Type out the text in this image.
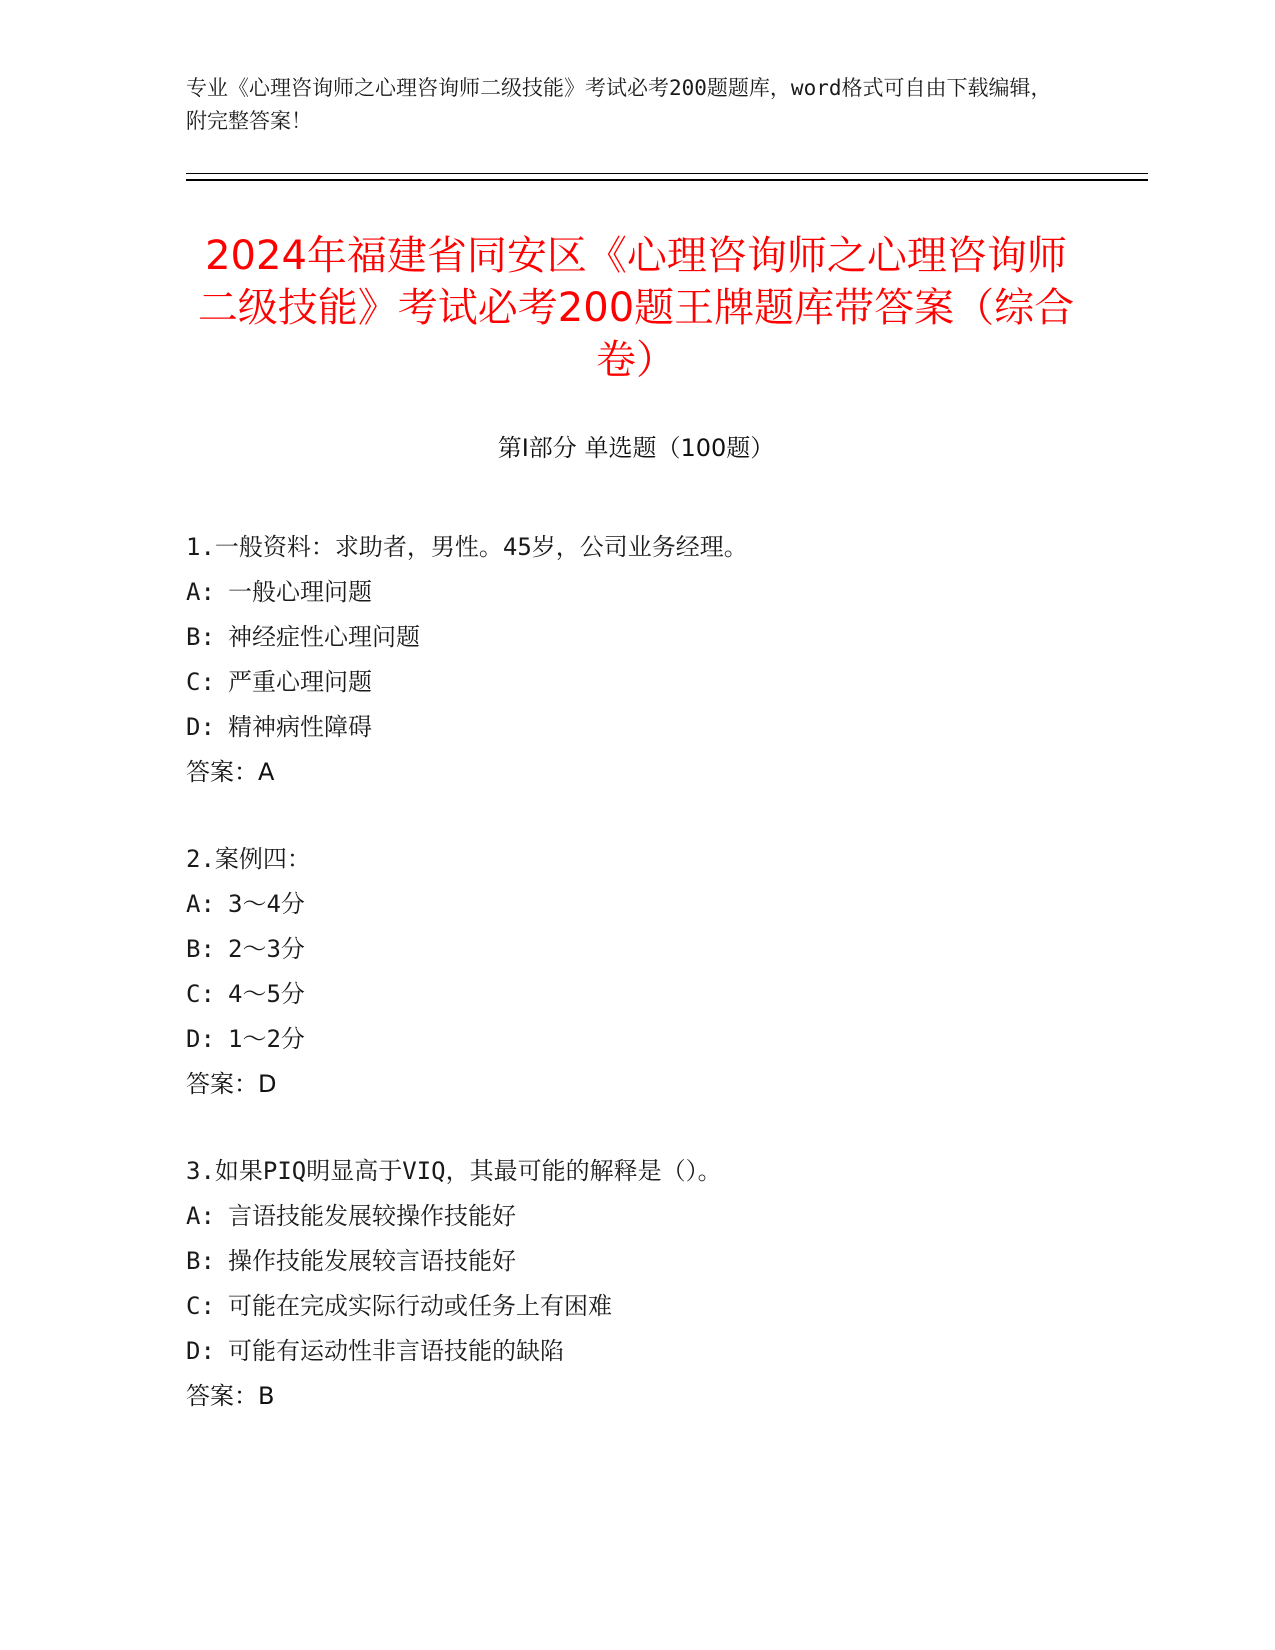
专业《心理咨询师之心理咨询师二级技能》考试必考200题题库，word格式可自由下载编辑，附完整答案！

2024年福建省同安区《心理咨询师之心理咨询师二级技能》考试必考200题王牌题库带答案（综合卷）
第Ⅰ部分 单选题（100题）
1.一般资料：求助者，男性。45岁，公司业务经理。
A: 一般心理问题
B: 神经症性心理问题
C: 严重心理问题
D: 精神病性障碍
答案：A
2.案例四：
A: 3～4分
B: 2～3分
C: 4～5分
D: 1～2分
答案：D
3.如果PIQ明显高于VIQ，其最可能的解释是（）。
A: 言语技能发展较操作技能好
B: 操作技能发展较言语技能好
C: 可能在完成实际行动或任务上有困难
D: 可能有运动性非言语技能的缺陷
答案：B
